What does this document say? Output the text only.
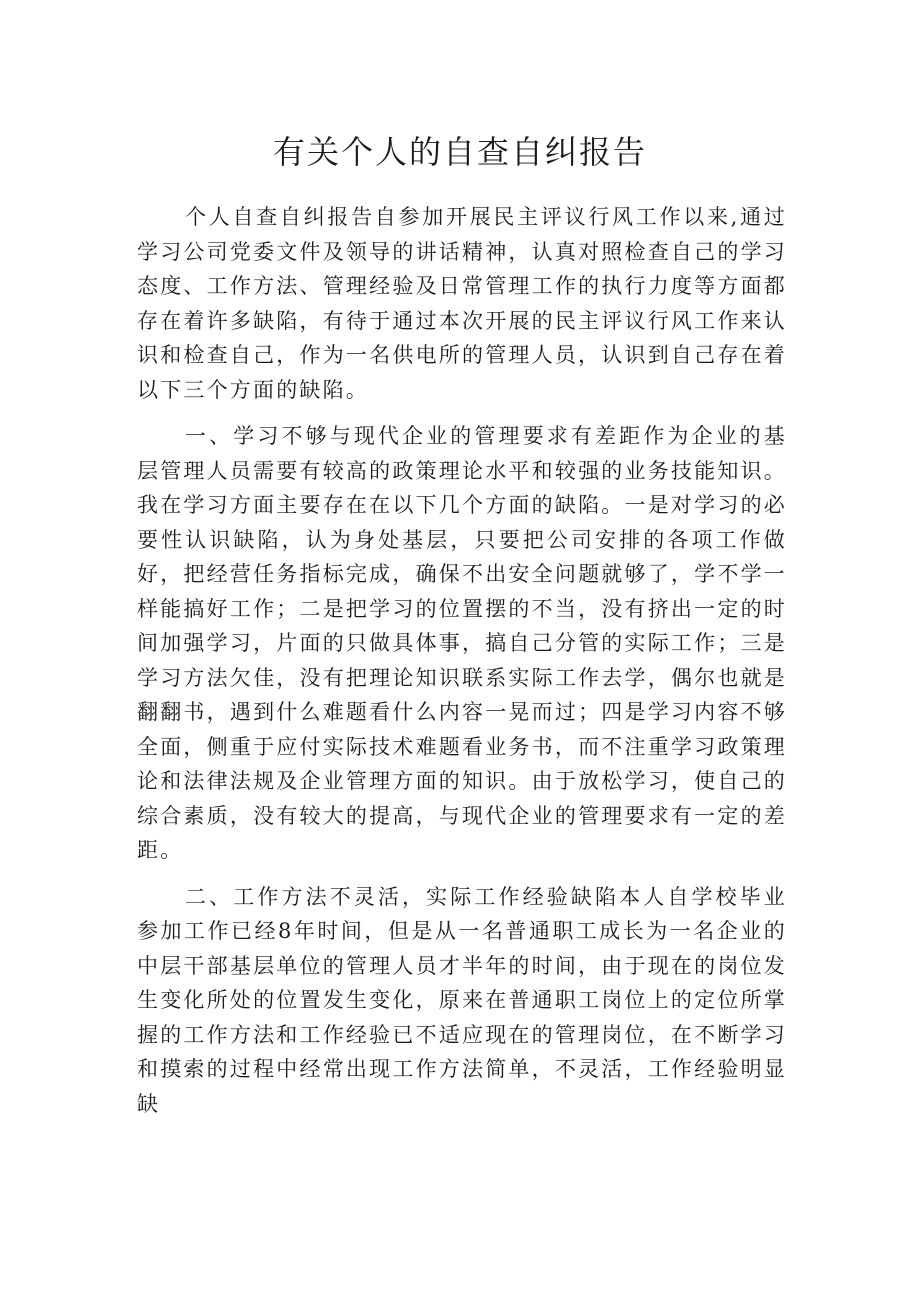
有关个人的自查自纠报告

个人自查自纠报告自参加开展民主评议行风工作以来,通过学习公司党委文件及领导的讲话精神，认真对照检查自己的学习态度、工作方法、管理经验及日常管理工作的执行力度等方面都存在着许多缺陷，有待于通过本次开展的民主评议行风工作来认识和检查自己，作为一名供电所的管理人员，认识到自己存在着以下三个方面的缺陷。

一、学习不够与现代企业的管理要求有差距作为企业的基层管理人员需要有较高的政策理论水平和较强的业务技能知识。我在学习方面主要存在在以下几个方面的缺陷。一是对学习的必要性认识缺陷，认为身处基层，只要把公司安排的各项工作做好，把经营任务指标完成，确保不出安全问题就够了，学不学一样能搞好工作；二是把学习的位置摆的不当，没有挤出一定的时间加强学习，片面的只做具体事，搞自己分管的实际工作；三是学习方法欠佳，没有把理论知识联系实际工作去学，偶尔也就是翻翻书，遇到什么难题看什么内容一晃而过；四是学习内容不够全面，侧重于应付实际技术难题看业务书，而不注重学习政策理论和法律法规及企业管理方面的知识。由于放松学习，使自己的综合素质，没有较大的提高，与现代企业的管理要求有一定的差距。

二、工作方法不灵活，实际工作经验缺陷本人自学校毕业参加工作已经8年时间，但是从一名普通职工成长为一名企业的中层干部基层单位的管理人员才半年的时间，由于现在的岗位发生变化所处的位置发生变化，原来在普通职工岗位上的定位所掌握的工作方法和工作经验已不适应现在的管理岗位，在不断学习和摸索的过程中经常出现工作方法简单，不灵活，工作经验明显缺
